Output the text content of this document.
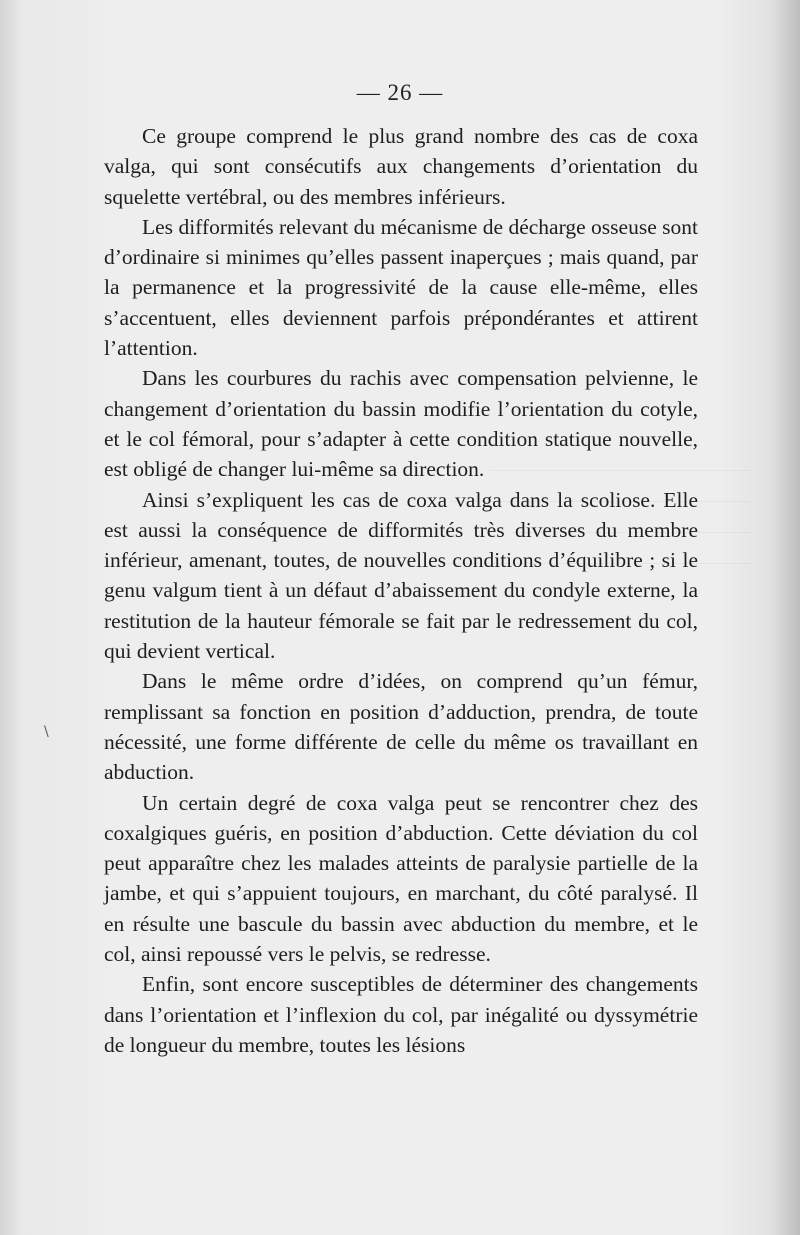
— 26 —

Ce groupe comprend le plus grand nombre des cas de coxa valga, qui sont consécutifs aux changements d’orientation du squelette vertébral, ou des membres inférieurs.

Les difformités relevant du mécanisme de décharge osseuse sont d’ordinaire si minimes qu’elles passent inaperçues ; mais quand, par la permanence et la progressivité de la cause elle-même, elles s’accentuent, elles deviennent parfois prépondérantes et attirent l’attention.

Dans les courbures du rachis avec compensation pelvienne, le changement d’orientation du bassin modifie l’orientation du cotyle, et le col fémoral, pour s’adapter à cette condition statique nouvelle, est obligé de changer lui-même sa direction.

Ainsi s’expliquent les cas de coxa valga dans la scoliose. Elle est aussi la conséquence de difformités très diverses du membre inférieur, amenant, toutes, de nouvelles conditions d’équilibre ; si le genu valgum tient à un défaut d’abaissement du condyle externe, la restitution de la hauteur fémorale se fait par le redressement du col, qui devient vertical.

Dans le même ordre d’idées, on comprend qu’un fémur, remplissant sa fonction en position d’adduction, prendra, de toute nécessité, une forme différente de celle du même os travaillant en abduction.

Un certain degré de coxa valga peut se rencontrer chez des coxalgiques guéris, en position d’abduction. Cette déviation du col peut apparaître chez les malades atteints de paralysie partielle de la jambe, et qui s’appuient toujours, en marchant, du côté paralysé. Il en résulte une bascule du bassin avec abduction du membre, et le col, ainsi repoussé vers le pelvis, se redresse.

Enfin, sont encore susceptibles de déterminer des changements dans l’orientation et l’inflexion du col, par inégalité ou dyssymétrie de longueur du membre, toutes les lésions

\
